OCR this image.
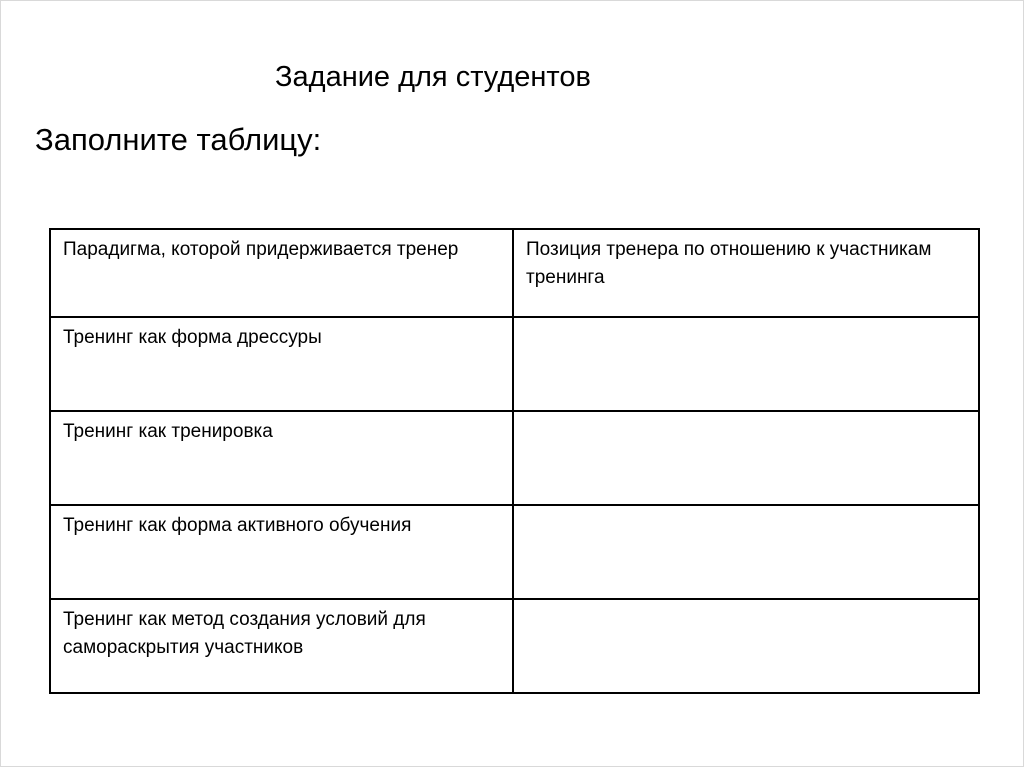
Задание для студентов
Заполните таблицу:
Парадигма, которой придерживается тренер	Позиция тренера по отношению к участникам тренинга
Тренинг как форма дрессуры	
Тренинг как тренировка	
Тренинг как форма активного обучения	
Тренинг как метод создания условий для самораскрытия участников	
